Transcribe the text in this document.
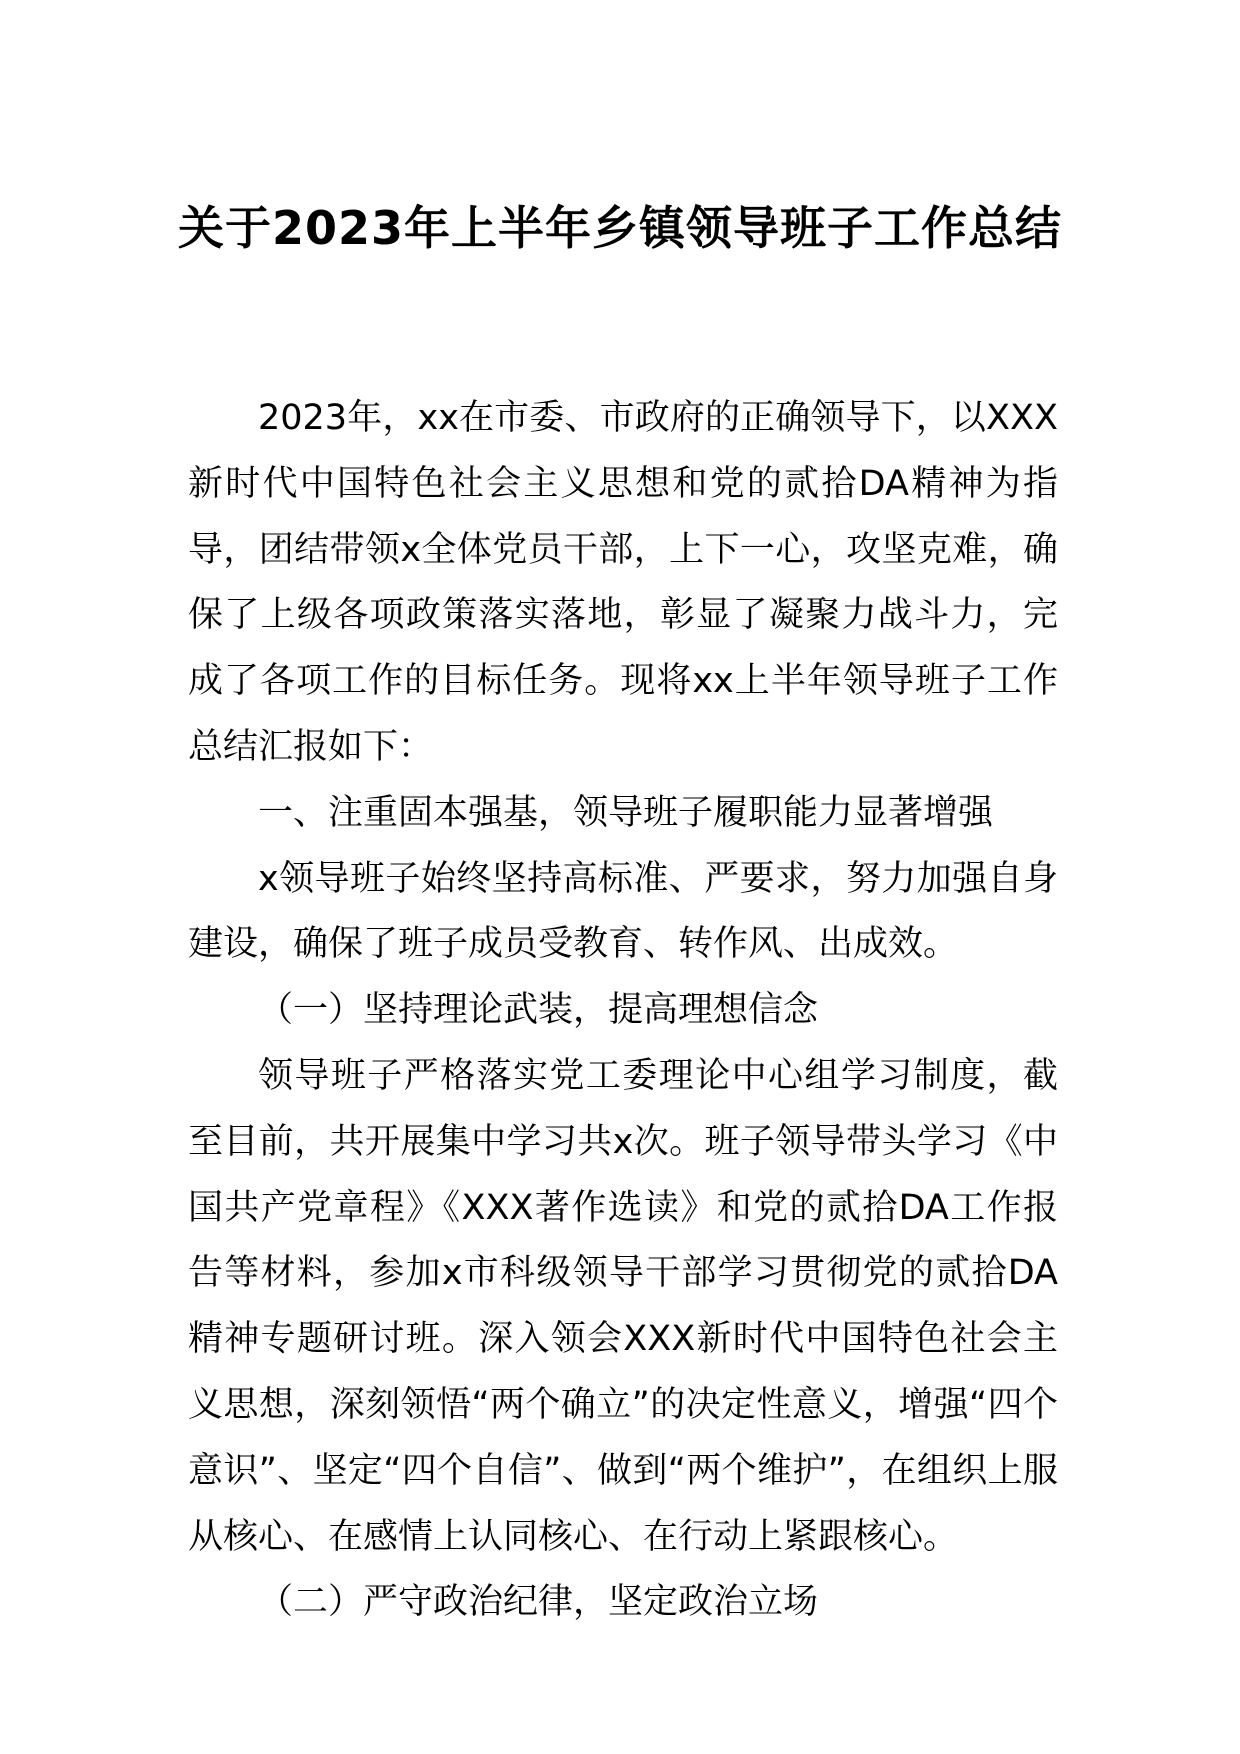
关于2023年上半年乡镇领导班子工作总结

2023年，xx在市委、市政府的正确领导下，以XXX新时代中国特色社会主义思想和党的贰拾DA精神为指导，团结带领x全体党员干部，上下一心，攻坚克难，确保了上级各项政策落实落地，彰显了凝聚力战斗力，完成了各项工作的目标任务。现将xx上半年领导班子工作总结汇报如下：

一、注重固本强基，领导班子履职能力显著增强

x领导班子始终坚持高标准、严要求，努力加强自身建设，确保了班子成员受教育、转作风、出成效。

（一）坚持理论武装，提高理想信念

领导班子严格落实党工委理论中心组学习制度，截至目前，共开展集中学习共x次。班子领导带头学习《中国共产党章程》《XXX著作选读》和党的贰拾DA工作报告等材料，参加x市科级领导干部学习贯彻党的贰拾DA精神专题研讨班。深入领会XXX新时代中国特色社会主义思想，深刻领悟“两个确立”的决定性意义，增强“四个意识”、坚定“四个自信”、做到“两个维护”，在组织上服从核心、在感情上认同核心、在行动上紧跟核心。

（二）严守政治纪律，坚定政治立场
